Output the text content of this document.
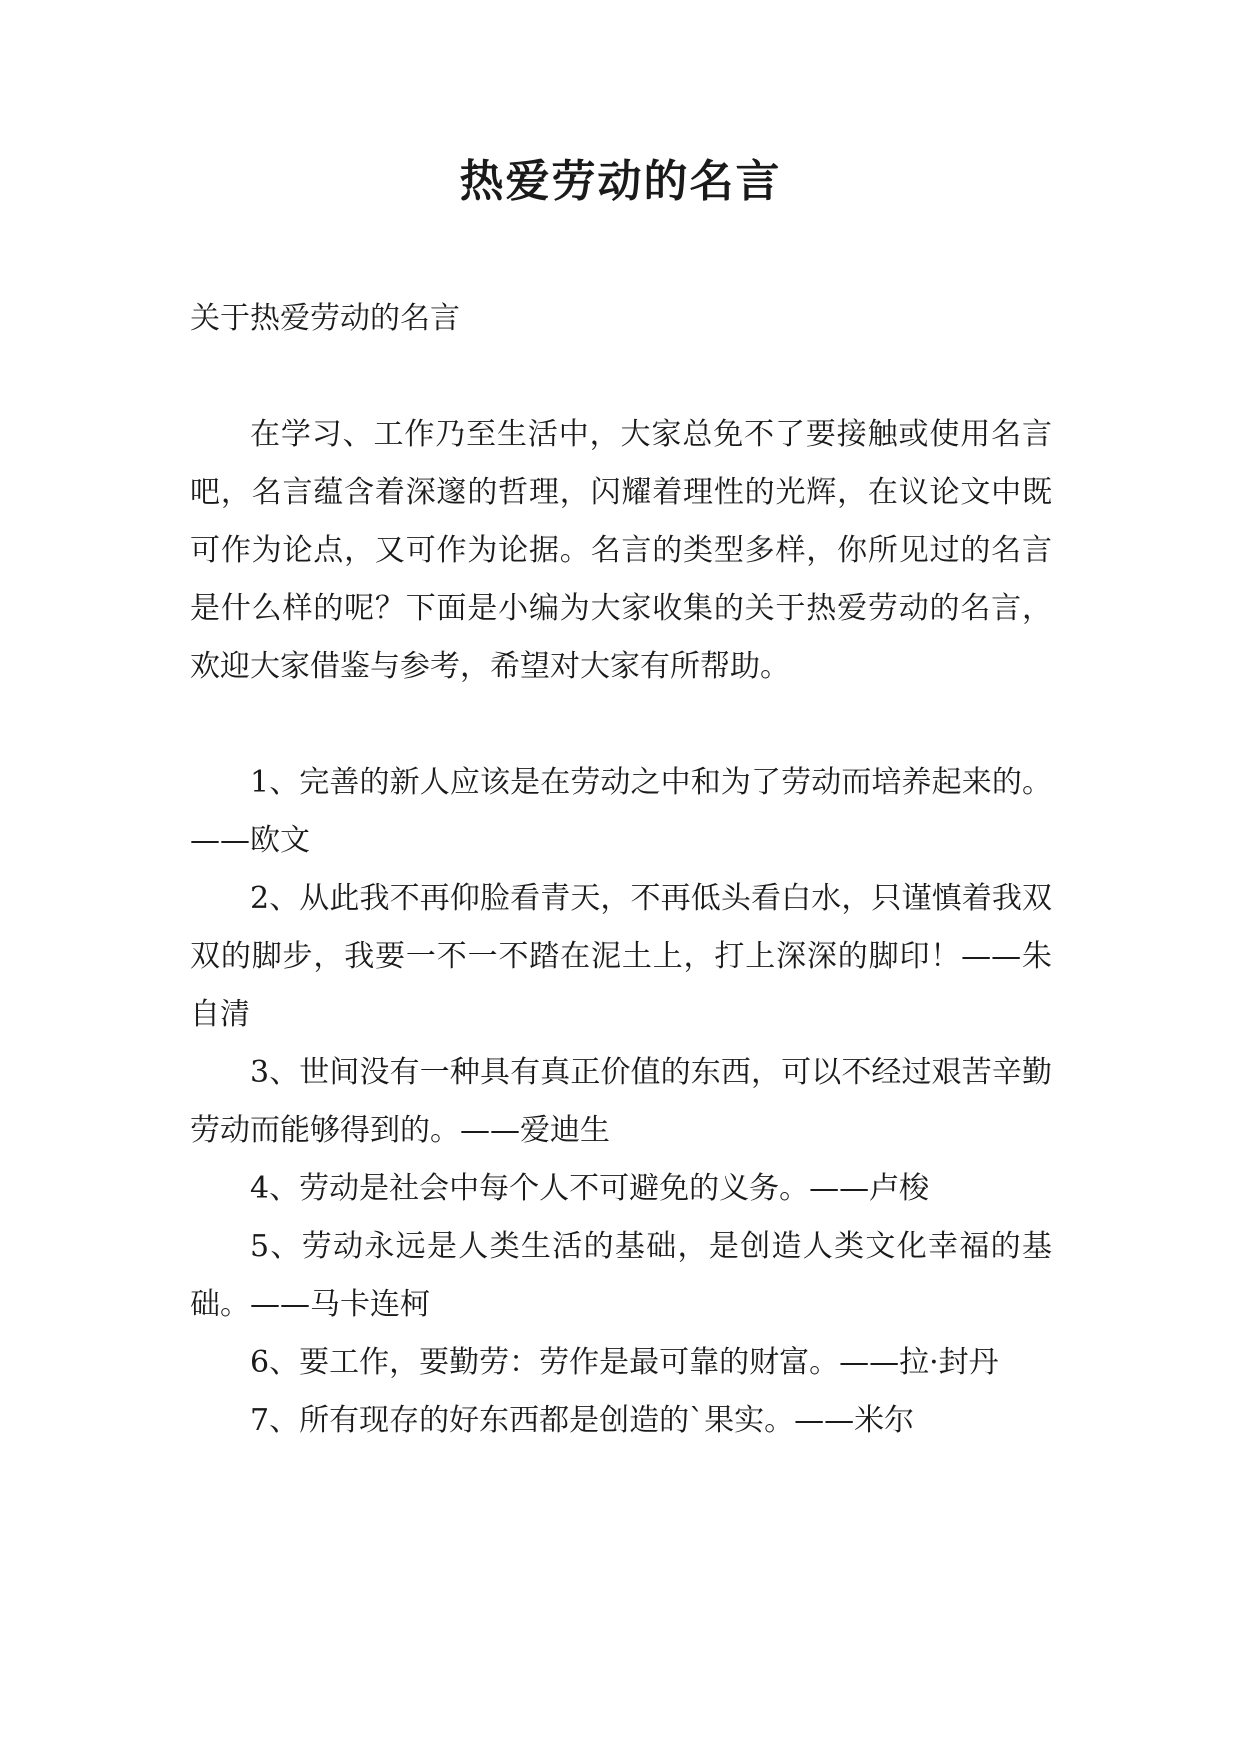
热爱劳动的名言

关于热爱劳动的名言

在学习、工作乃至生活中，大家总免不了要接触或使用名言吧，名言蕴含着深邃的哲理，闪耀着理性的光辉，在议论文中既可作为论点，又可作为论据。名言的类型多样，你所见过的名言是什么样的呢？下面是小编为大家收集的关于热爱劳动的名言，欢迎大家借鉴与参考，希望对大家有所帮助。

1、完善的新人应该是在劳动之中和为了劳动而培养起来的。——欧文

2、从此我不再仰脸看青天，不再低头看白水，只谨慎着我双双的脚步，我要一不一不踏在泥土上，打上深深的脚印！——朱自清

3、世间没有一种具有真正价值的东西，可以不经过艰苦辛勤劳动而能够得到的。——爱迪生

4、劳动是社会中每个人不可避免的义务。——卢梭

5、劳动永远是人类生活的基础，是创造人类文化幸福的基础。——马卡连柯

6、要工作，要勤劳：劳作是最可靠的财富。——拉·封丹

7、所有现存的好东西都是创造的`果实。——米尔
